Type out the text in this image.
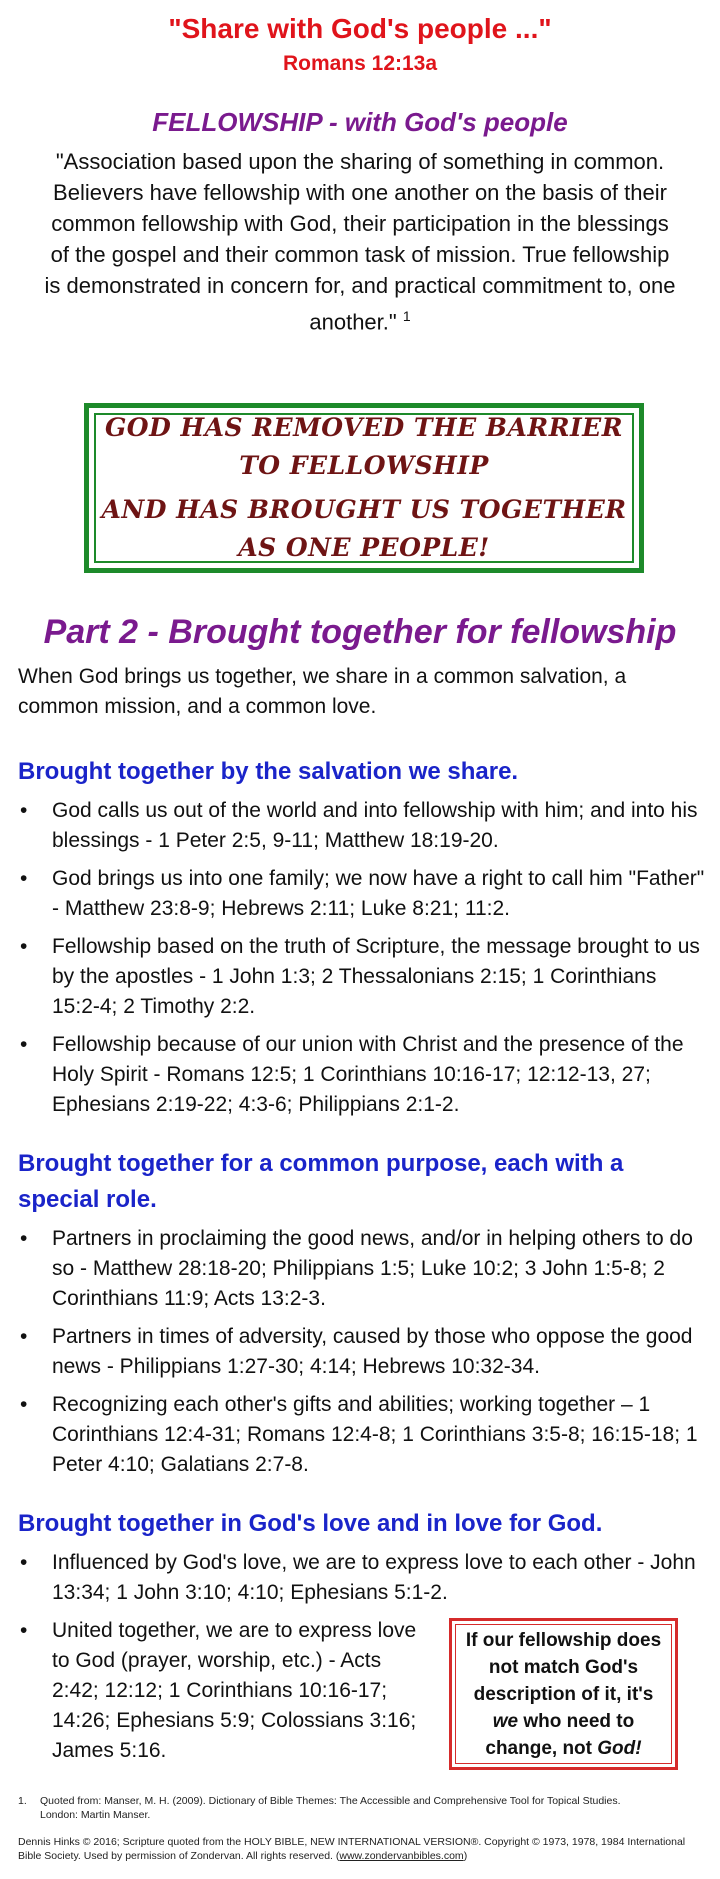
"Share with God's people ..."
Romans 12:13a
FELLOWSHIP - with God's people
"Association based upon the sharing of something in common. Believers have fellowship with one another on the basis of their common fellowship with God, their participation in the blessings of the gospel and their common task of mission. True fellowship is demonstrated in concern for, and practical commitment to, one another." $^1$
GOD HAS REMOVED THE BARRIER
TO FELLOWSHIP
AND HAS BROUGHT US TOGETHER
AS ONE PEOPLE!
Part 2 - Brought together for fellowship
When God brings us together, we share in a common salvation, a common mission, and a common love.
Brought together by the salvation we share.
•	God calls us out of the world and into fellowship with him; and into his blessings - 1 Peter 2:5, 9-11; Matthew 18:19-20.
•	God brings us into one family; we now have a right to call him "Father" - Matthew 23:8-9; Hebrews 2:11; Luke 8:21; 11:2.
•	Fellowship based on the truth of Scripture, the message brought to us by the apostles - 1 John 1:3; 2 Thessalonians 2:15; 1 Corinthians 15:2-4; 2 Timothy 2:2.
•	Fellowship because of our union with Christ and the presence of the Holy Spirit - Romans 12:5; 1 Corinthians 10:16-17; 12:12-13, 27; Ephesians 2:19-22; 4:3-6; Philippians 2:1-2.
Brought together for a common purpose, each with a special role.
•	Partners in proclaiming the good news, and/or in helping others to do so - Matthew 28:18-20; Philippians 1:5; Luke 10:2; 3 John 1:5-8; 2 Corinthians 11:9; Acts 13:2-3.
•	Partners in times of adversity, caused by those who oppose the good news - Philippians 1:27-30; 4:14; Hebrews 10:32-34.
•	Recognizing each other's gifts and abilities; working together – 1 Corinthians 12:4-31; Romans 12:4-8; 1 Corinthians 3:5-8; 16:15-18; 1 Peter 4:10; Galatians 2:7-8.
Brought together in God's love and in love for God.
•	Influenced by God's love, we are to express love to each other - John 13:34; 1 John 3:10; 4:10; Ephesians 5:1-2.
•	United together, we are to express love to God (prayer, worship, etc.) - Acts 2:42; 12:12; 1 Corinthians 10:16-17; 14:26; Ephesians 5:9; Colossians 3:16; James 5:16.
If our fellowship does not match God's description of it, it's we who need to change, not God!
1. Quoted from: Manser, M. H. (2009). Dictionary of Bible Themes: The Accessible and Comprehensive Tool for Topical Studies.
London: Martin Manser.
Dennis Hinks © 2016; Scripture quoted from the HOLY BIBLE, NEW INTERNATIONAL VERSION®. Copyright © 1973, 1978, 1984 International Bible Society. Used by permission of Zondervan. All rights reserved. (www.zondervanbibles.com)
